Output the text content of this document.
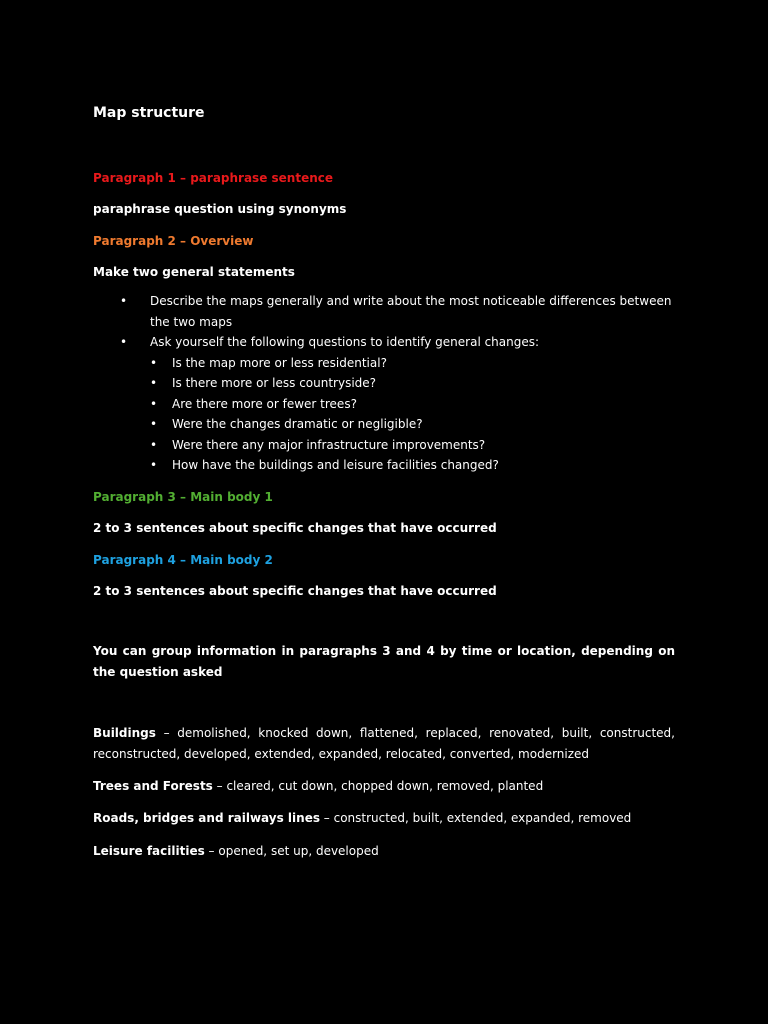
Map structure
Paragraph 1 – paraphrase sentence
paraphrase question using synonyms
Paragraph 2 – Overview
Make two general statements
• Describe the maps generally and write about the most noticeable differences between the two maps
• Ask yourself the following questions to identify general changes:
• Is the map more or less residential?
• Is there more or less countryside?
• Are there more or fewer trees?
• Were the changes dramatic or negligible?
• Were there any major infrastructure improvements?
• How have the buildings and leisure facilities changed?
Paragraph 3 – Main body 1
2 to 3 sentences about specific changes that have occurred
Paragraph 4 – Main body 2
2 to 3 sentences about specific changes that have occurred
You can group information in paragraphs 3 and 4 by time or location, depending on the question asked
Buildings – demolished, knocked down, flattened, replaced, renovated, built, constructed, reconstructed, developed, extended, expanded, relocated, converted, modernized
Trees and Forests – cleared, cut down, chopped down, removed, planted
Roads, bridges and railways lines – constructed, built, extended, expanded, removed
Leisure facilities – opened, set up, developed
